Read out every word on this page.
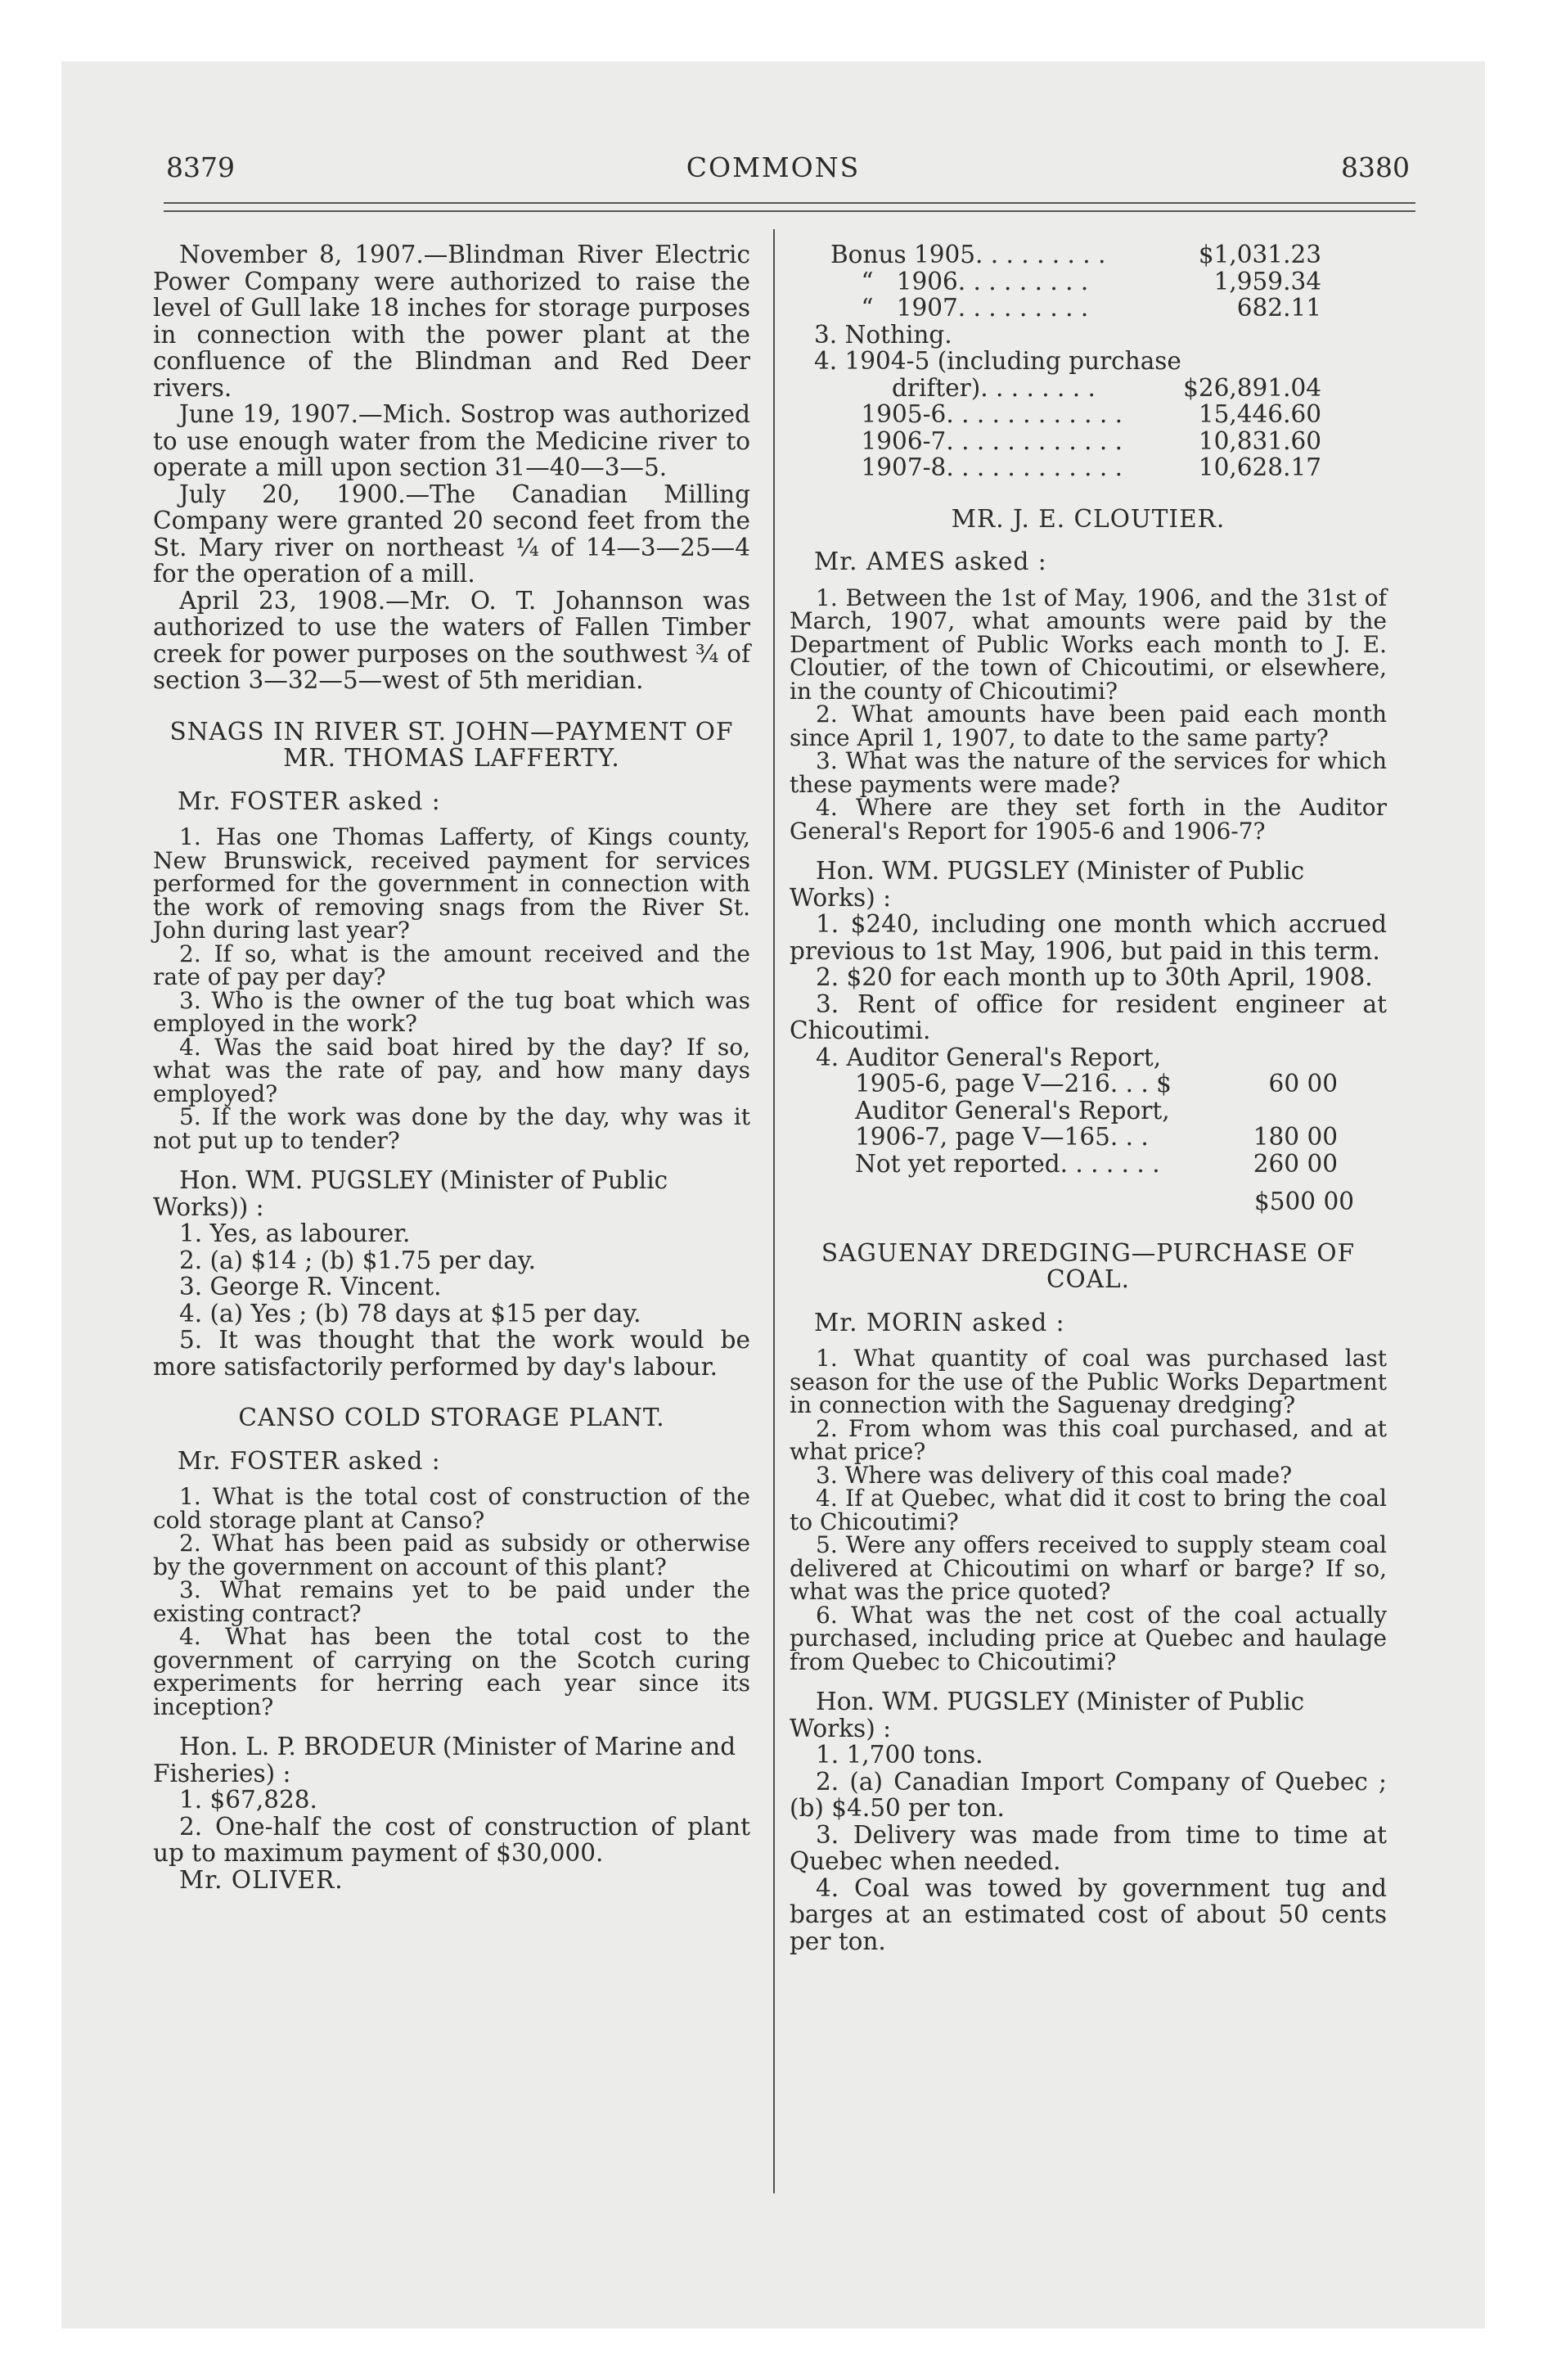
8379	COMMONS	8380

November 8, 1907.—Blindman River Electric Power Company were authorized to raise the level of Gull lake 18 inches for storage purposes in connection with the power plant at the confluence of the Blindman and Red Deer rivers.

June 19, 1907.—Mich. Sostrop was authorized to use enough water from the Medicine river to operate a mill upon section 31—40—3—5.

July 20, 1900.—The Canadian Milling Company were granted 20 second feet from the St. Mary river on northeast ¼ of 14—3—25—4 for the operation of a mill.

April 23, 1908.—Mr. O. T. Johannson was authorized to use the waters of Fallen Timber creek for power purposes on the southwest ¾ of section 3—32—5—west of 5th meridian.

SNAGS IN RIVER ST. JOHN—PAYMENT OF MR. THOMAS LAFFERTY.

Mr. FOSTER asked :

1. Has one Thomas Lafferty, of Kings county, New Brunswick, received payment for services performed for the government in connection with the work of removing snags from the River St. John during last year?

2. If so, what is the amount received and the rate of pay per day?

3. Who is the owner of the tug boat which was employed in the work?

4. Was the said boat hired by the day? If so, what was the rate of pay, and how many days employed?

5. If the work was done by the day, why was it not put up to tender?

Hon. WM. PUGSLEY (Minister of Public Works)) :

1. Yes, as labourer.

2. (a) $14 ; (b) $1.75 per day.

3. George R. Vincent.

4. (a) Yes ; (b) 78 days at $15 per day.

5. It was thought that the work would be more satisfactorily performed by day's labour.

CANSO COLD STORAGE PLANT.

Mr. FOSTER asked :

1. What is the total cost of construction of the cold storage plant at Canso?

2. What has been paid as subsidy or otherwise by the government on account of this plant?

3. What remains yet to be paid under the existing contract?

4. What has been the total cost to the government of carrying on the Scotch curing experiments for herring each year since its inception?

Hon. L. P. BRODEUR (Minister of Marine and Fisheries) :

1. $67,828.

2. One-half the cost of construction of plant up to maximum payment of $30,000.

Mr. OLIVER.

Bonus 1905. . . . . . . . .	$1,031.23
“   1906. . . . . . . . .	1,959.34
“   1907. . . . . . . . .	682.11

3. Nothing.

4. 1904-5 (including purchase

drifter). . . . . . . .	$26,891.04
1905-6. . . . . . . . . . . .	15,446.60
1906-7. . . . . . . . . . . .	10,831.60
1907-8. . . . . . . . . . . .	10,628.17

MR. J. E. CLOUTIER.

Mr. AMES asked :

1. Between the 1st of May, 1906, and the 31st of March, 1907, what amounts were paid by the Department of Public Works each month to J. E. Cloutier, of the town of Chicoutimi, or elsewhere, in the county of Chicoutimi?

2. What amounts have been paid each month since April 1, 1907, to date to the same party?

3. What was the nature of the services for which these payments were made?

4. Where are they set forth in the Auditor General's Report for 1905-6 and 1906-7?

Hon. WM. PUGSLEY (Minister of Public Works) :

1. $240, including one month which accrued previous to 1st May, 1906, but paid in this term.

2. $20 for each month up to 30th April, 1908.

3. Rent of office for resident engineer at Chicoutimi.

4. Auditor General's Report,

1905-6, page V—216. . . $	60 00
Auditor General's Report,
1906-7, page V—165. . .	180 00
Not yet reported. . . . . . .	260 00

$500 00

SAGUENAY DREDGING—PURCHASE OF COAL.

Mr. MORIN asked :

1. What quantity of coal was purchased last season for the use of the Public Works Department in connection with the Saguenay dredging?

2. From whom was this coal purchased, and at what price?

3. Where was delivery of this coal made?

4. If at Quebec, what did it cost to bring the coal to Chicoutimi?

5. Were any offers received to supply steam coal delivered at Chicoutimi on wharf or barge? If so, what was the price quoted?

6. What was the net cost of the coal actually purchased, including price at Quebec and haulage from Quebec to Chicoutimi?

Hon. WM. PUGSLEY (Minister of Public Works) :

1. 1,700 tons.

2. (a) Canadian Import Company of Quebec ; (b) $4.50 per ton.

3. Delivery was made from time to time at Quebec when needed.

4. Coal was towed by government tug and barges at an estimated cost of about 50 cents per ton.
